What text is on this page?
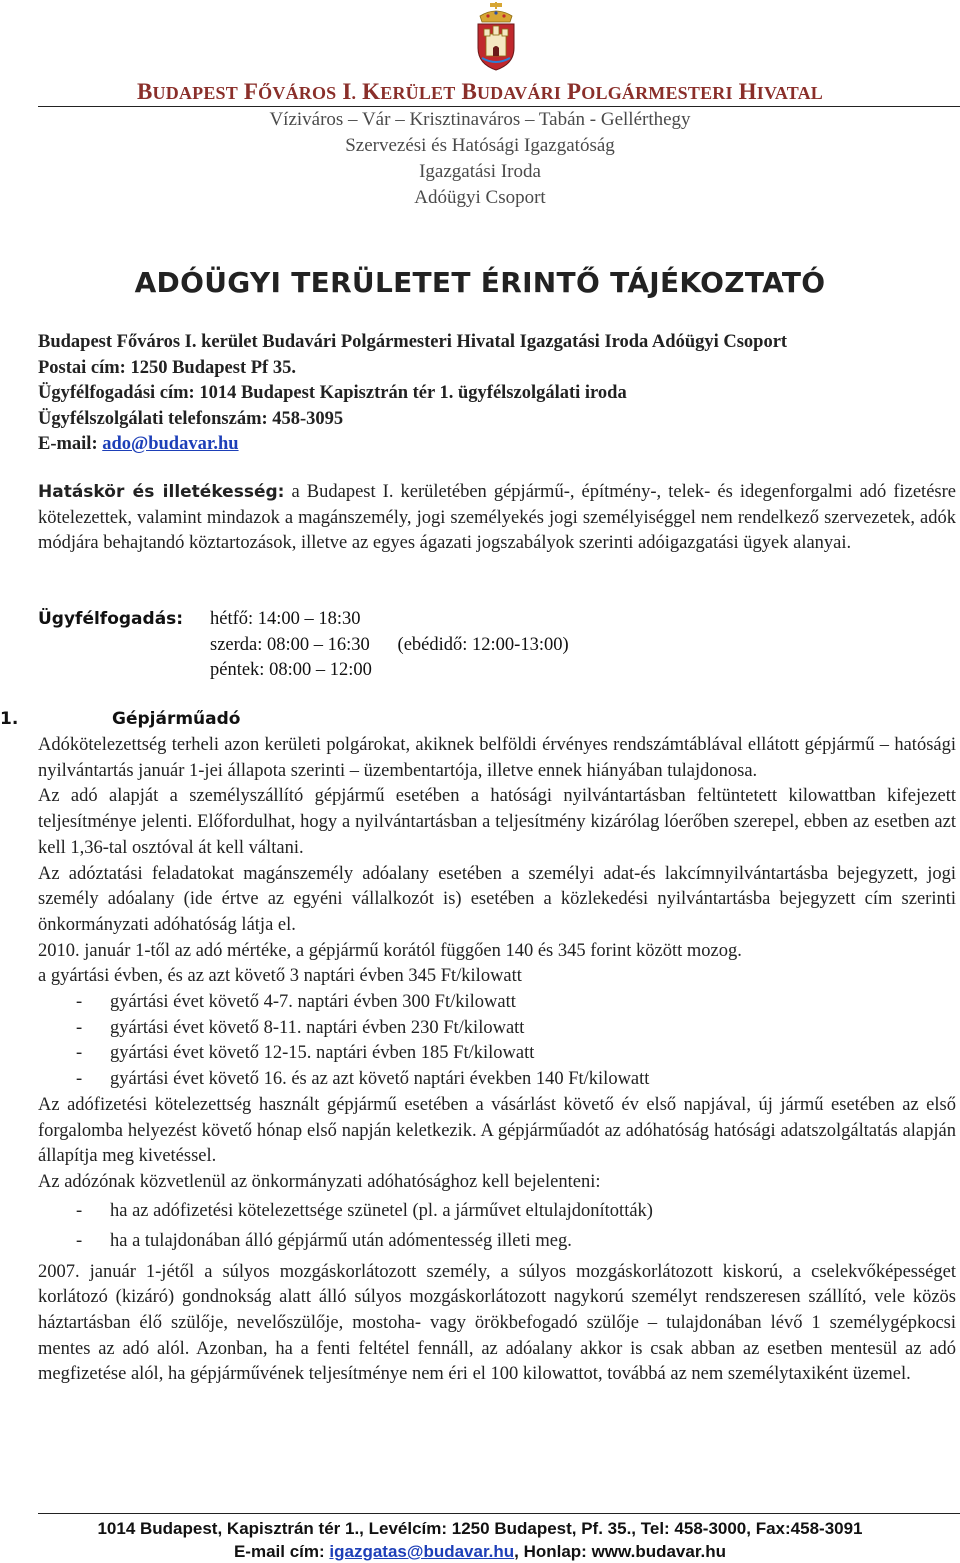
BUDAPEST FŐVÁROS I. KERÜLET BUDAVÁRI POLGÁRMESTERI HIVATAL
Víziváros – Vár – Krisztinaváros – Tabán - Gellérthegy
Szervezési és Hatósági Igazgatóság
Igazgatási Iroda
Adóügyi Csoport
ADÓÜGYI TERÜLETET ÉRINTŐ TÁJÉKOZTATÓ
Budapest Főváros I. kerület Budavári Polgármesteri Hivatal Igazgatási Iroda Adóügyi Csoport
Postai cím: 1250 Budapest Pf 35.
Ügyfélfogadási cím: 1014 Budapest Kapisztrán tér 1. ügyfélszolgálati iroda
Ügyfélszolgálati telefonszám: 458-3095
E-mail: ado@budavar.hu

Hatáskör és illetékesség: a Budapest I. kerületében gépjármű-, építmény-, telek- és idegenforgalmi adó fizetésre kötelezettek, valamint mindazok a magánszemély, jogi személyekés jogi személyiséggel nem rendelkező szervezetek, adók módjára behajtandó köztartozások, illetve az egyes ágazati jogszabályok szerinti adóigazgatási ügyek alanyai.

Ügyfélfogadás: hétfő: 14:00 – 18:30
szerda: 08:00 – 16:30 (ebédidő: 12:00-13:00)
péntek: 08:00 – 12:00
1.	Gépjárműadó

Adókötelezettség terheli azon kerületi polgárokat, akiknek belföldi érvényes rendszámtáblával ellátott gépjármű – hatósági nyilvántartás január 1-jei állapota szerinti – üzembentartója, illetve ennek hiányában tulajdonosa.

Az adó alapját a személyszállító gépjármű esetében a hatósági nyilvántartásban feltüntetett kilowattban kifejezett teljesítménye jelenti. Előfordulhat, hogy a nyilvántartásban a teljesítmény kizárólag lóerőben szerepel, ebben az esetben azt kell 1,36-tal osztóval át kell váltani.

Az adóztatási feladatokat magánszemély adóalany esetében a személyi adat-és lakcímnyilvántartásba bejegyzett, jogi személy adóalany (ide értve az egyéni vállalkozót is) esetében a közlekedési nyilvántartásba bejegyzett cím szerinti önkormányzati adóhatóság látja el.

2010. január 1-től az adó mértéke, a gépjármű korától függően 140 és 345 forint között mozog.

a gyártási évben, és az azt követő 3 naptári évben 345 Ft/kilowatt

- gyártási évet követő 4-7. naptári évben 300 Ft/kilowatt
- gyártási évet követő 8-11. naptári évben 230 Ft/kilowatt
- gyártási évet követő 12-15. naptári évben 185 Ft/kilowatt
- gyártási évet követő 16. és az azt követő naptári években 140 Ft/kilowatt

Az adófizetési kötelezettség használt gépjármű esetében a vásárlást követő év első napjával, új jármű esetében az első forgalomba helyezést követő hónap első napján keletkezik. A gépjárműadót az adóhatóság hatósági adatszolgáltatás alapján állapítja meg kivetéssel.

Az adózónak közvetlenül az önkormányzati adóhatósághoz kell bejelenteni:

- ha az adófizetési kötelezettsége szünetel (pl. a járművet eltulajdonították)
- ha a tulajdonában álló gépjármű után adómentesség illeti meg.

2007. január 1-jétől a súlyos mozgáskorlátozott személy, a súlyos mozgáskorlátozott kiskorú, a cselekvőképességet korlátozó (kizáró) gondnokság alatt álló súlyos mozgáskorlátozott nagykorú személyt rendszeresen szállító, vele közös háztartásban élő szülője, nevelőszülője, mostoha- vagy örökbefogadó szülője – tulajdonában lévő 1 személygépkocsi mentes az adó alól. Azonban, ha a fenti feltétel fennáll, az adóalany akkor is csak abban az esetben mentesül az adó megfizetése alól, ha gépjárművének teljesítménye nem éri el 100 kilowattot, továbbá az nem személytaxiként üzemel.

1014 Budapest, Kapisztrán tér 1., Levélcím: 1250 Budapest, Pf. 35., Tel: 458-3000, Fax:458-3091
E-mail cím: igazgatas@budavar.hu, Honlap: www.budavar.hu
